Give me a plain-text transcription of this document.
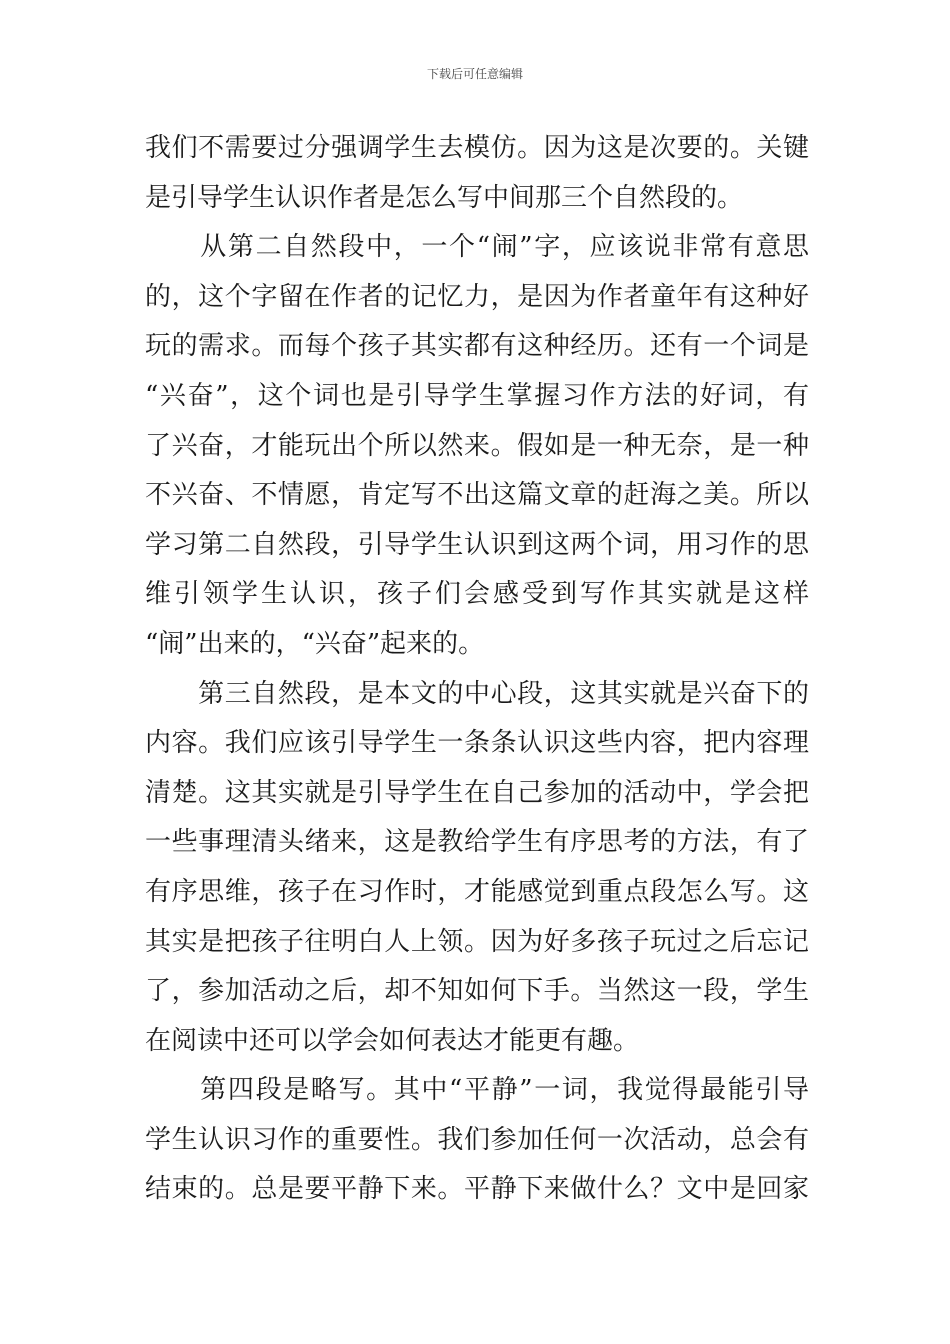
下载后可任意编辑
我们不需要过分强调学生去模仿。因为这是次要的。关键
是引导学生认识作者是怎么写中间那三个自然段的。
　　从第二自然段中，一个“闹”字，应该说非常有意思
的，这个字留在作者的记忆力，是因为作者童年有这种好
玩的需求。而每个孩子其实都有这种经历。还有一个词是
“兴奋”，这个词也是引导学生掌握习作方法的好词，有
了兴奋，才能玩出个所以然来。假如是一种无奈，是一种
不兴奋、不情愿，肯定写不出这篇文章的赶海之美。所以
学习第二自然段，引导学生认识到这两个词，用习作的思
维引领学生认识，孩子们会感受到写作其实就是这样
“闹”出来的，“兴奋”起来的。
　　第三自然段，是本文的中心段，这其实就是兴奋下的
内容。我们应该引导学生一条条认识这些内容，把内容理
清楚。这其实就是引导学生在自己参加的活动中，学会把
一些事理清头绪来，这是教给学生有序思考的方法，有了
有序思维，孩子在习作时，才能感觉到重点段怎么写。这
其实是把孩子往明白人上领。因为好多孩子玩过之后忘记
了，参加活动之后，却不知如何下手。当然这一段，学生
在阅读中还可以学会如何表达才能更有趣。
　　第四段是略写。其中“平静”一词，我觉得最能引导
学生认识习作的重要性。我们参加任何一次活动，总会有
结束的。总是要平静下来。平静下来做什么？文中是回家
